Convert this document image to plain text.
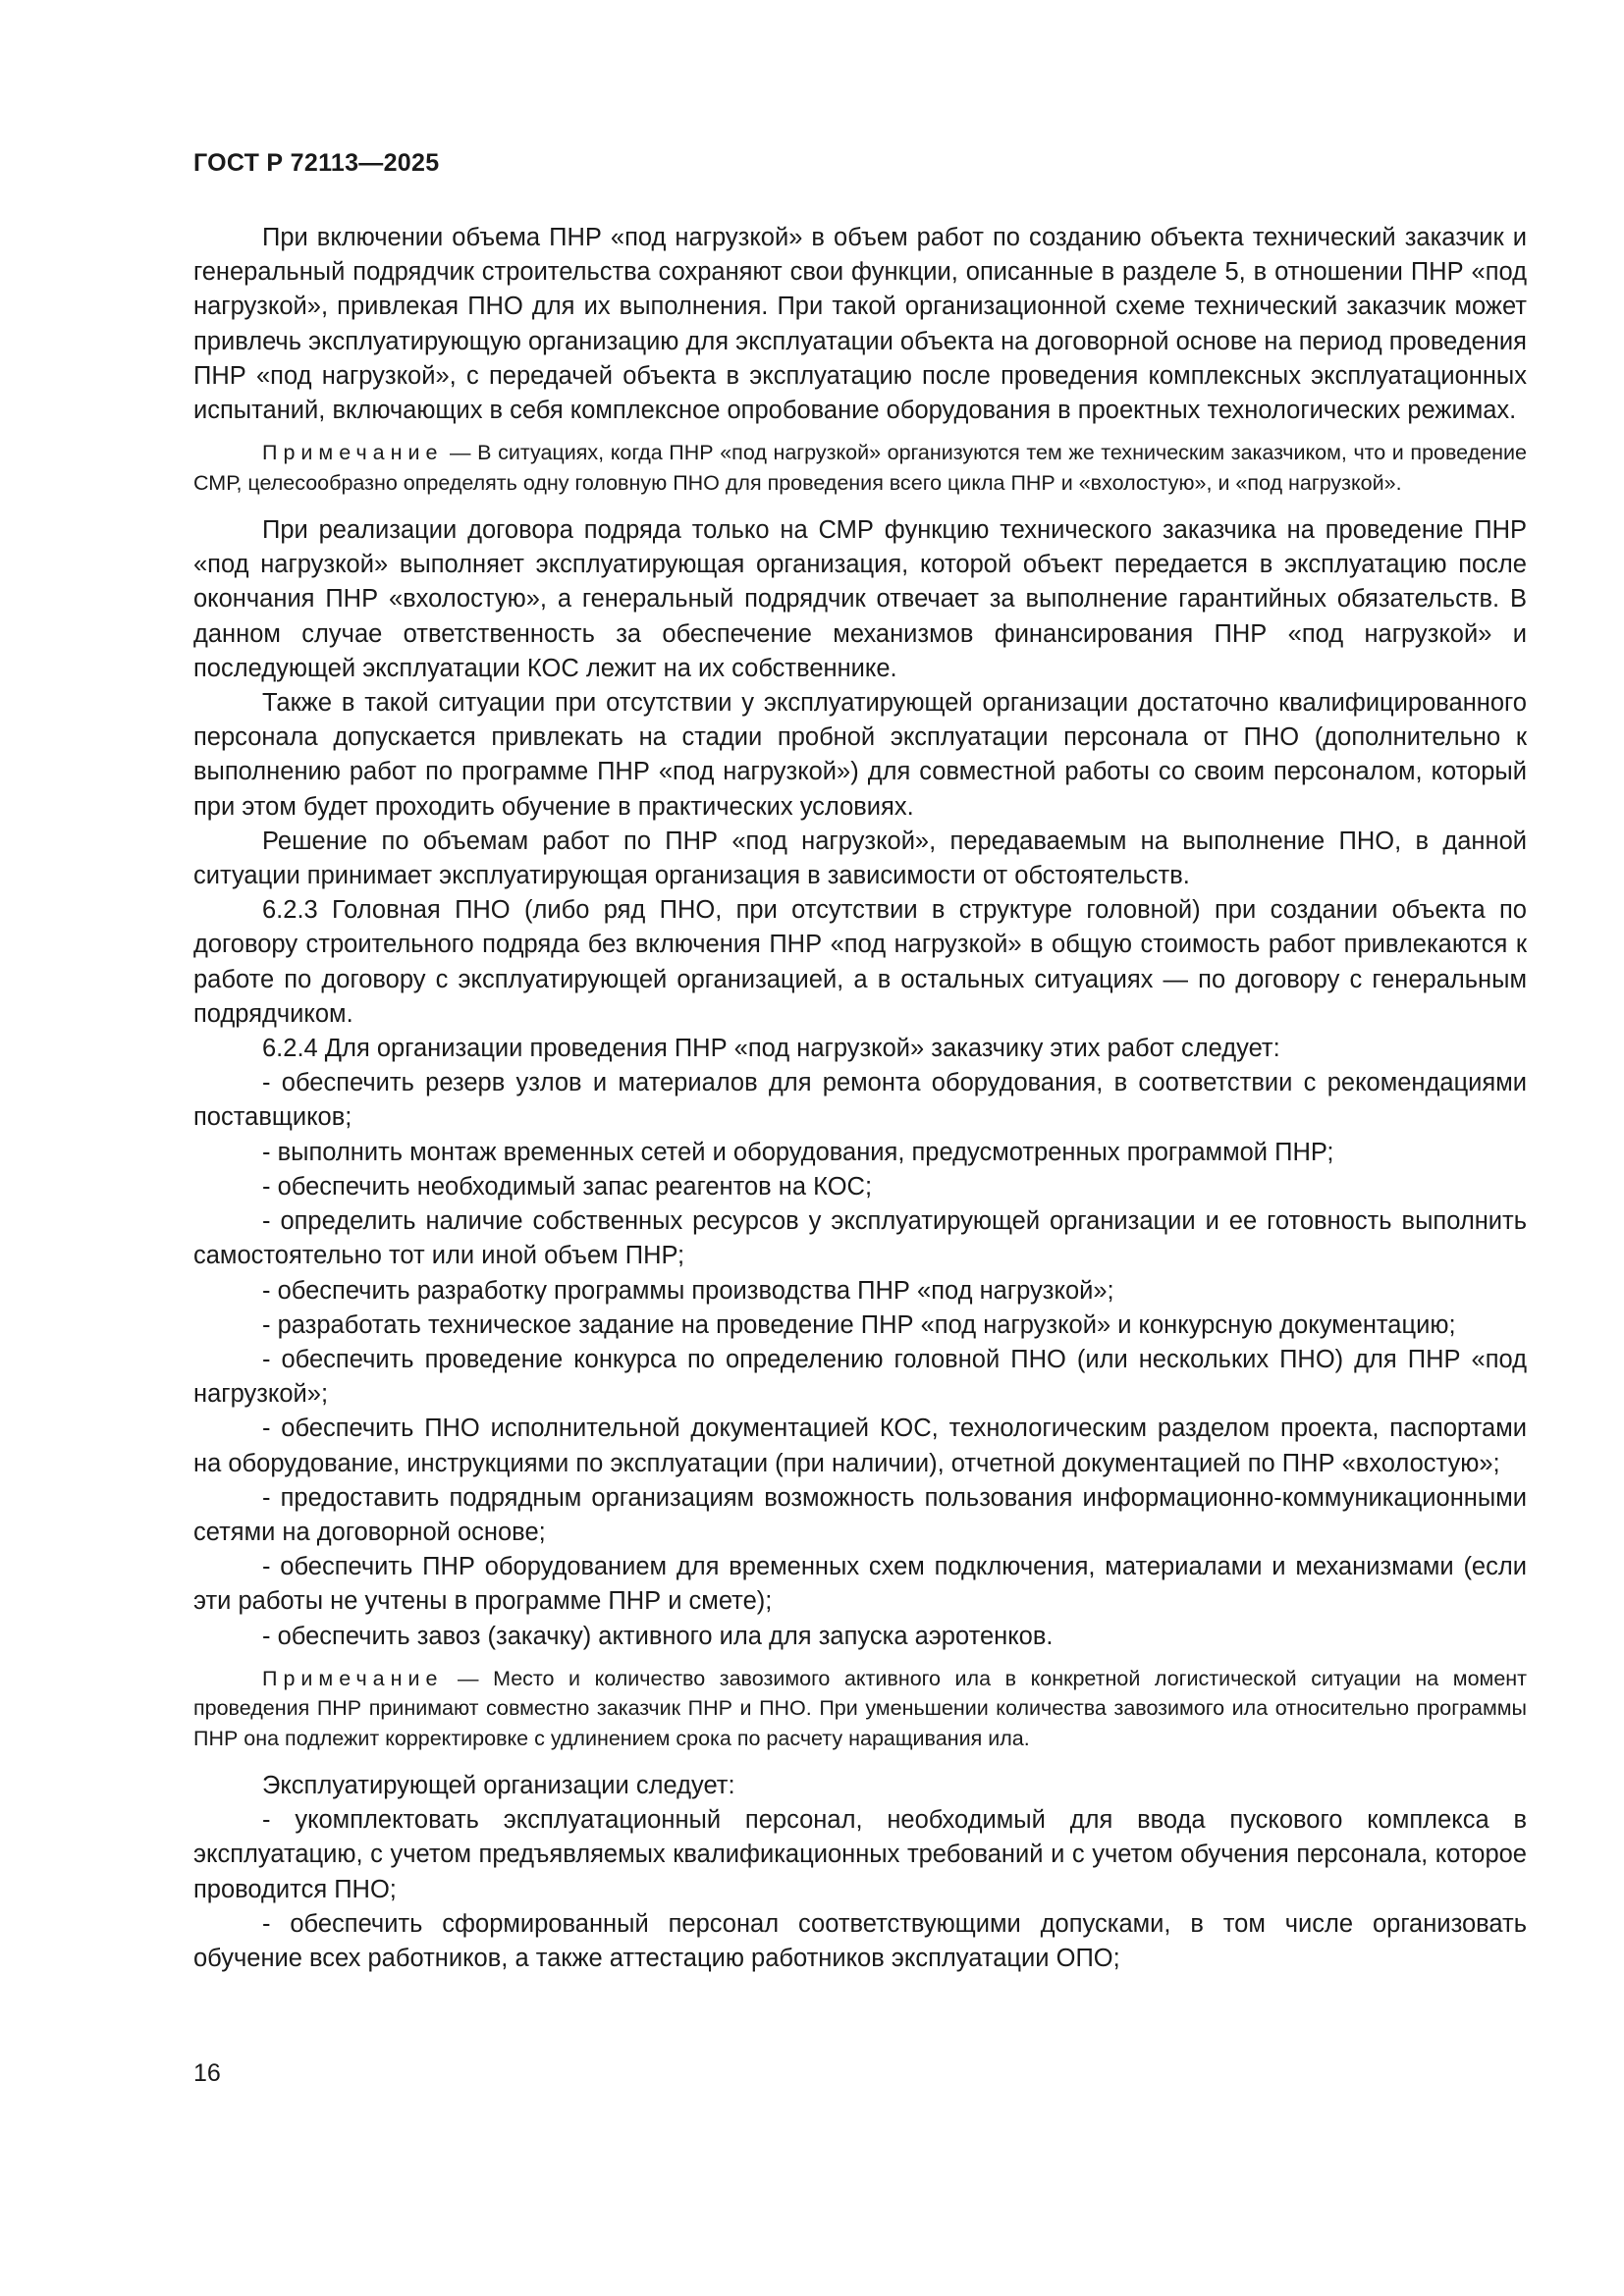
ГОСТ Р 72113—2025

При включении объема ПНР «под нагрузкой» в объем работ по созданию объекта технический заказчик и генеральный подрядчик строительства сохраняют свои функции, описанные в разделе 5, в отношении ПНР «под нагрузкой», привлекая ПНО для их выполнения. При такой организационной схеме технический заказчик может привлечь эксплуатирующую организацию для эксплуатации объекта на договорной основе на период проведения ПНР «под нагрузкой», с передачей объекта в эксплуатацию после проведения комплексных эксплуатационных испытаний, включающих в себя комплексное опробование оборудования в проектных технологических режимах.

Примечание — В ситуациях, когда ПНР «под нагрузкой» организуются тем же техническим заказчиком, что и проведение СМР, целесообразно определять одну головную ПНО для проведения всего цикла ПНР и «вхолостую», и «под нагрузкой».

При реализации договора подряда только на СМР функцию технического заказчика на проведение ПНР «под нагрузкой» выполняет эксплуатирующая организация, которой объект передается в эксплуатацию после окончания ПНР «вхолостую», а генеральный подрядчик отвечает за выполнение гарантийных обязательств. В данном случае ответственность за обеспечение механизмов финансирования ПНР «под нагрузкой» и последующей эксплуатации КОС лежит на их собственнике.

Также в такой ситуации при отсутствии у эксплуатирующей организации достаточно квалифицированного персонала допускается привлекать на стадии пробной эксплуатации персонала от ПНО (дополнительно к выполнению работ по программе ПНР «под нагрузкой») для совместной работы со своим персоналом, который при этом будет проходить обучение в практических условиях.

Решение по объемам работ по ПНР «под нагрузкой», передаваемым на выполнение ПНО, в данной ситуации принимает эксплуатирующая организация в зависимости от обстоятельств.

6.2.3 Головная ПНО (либо ряд ПНО, при отсутствии в структуре головной) при создании объекта по договору строительного подряда без включения ПНР «под нагрузкой» в общую стоимость работ привлекаются к работе по договору с эксплуатирующей организацией, а в остальных ситуациях — по договору с генеральным подрядчиком.

6.2.4 Для организации проведения ПНР «под нагрузкой» заказчику этих работ следует:

- обеспечить резерв узлов и материалов для ремонта оборудования, в соответствии с рекомендациями поставщиков;

- выполнить монтаж временных сетей и оборудования, предусмотренных программой ПНР;

- обеспечить необходимый запас реагентов на КОС;

- определить наличие собственных ресурсов у эксплуатирующей организации и ее готовность выполнить самостоятельно тот или иной объем ПНР;

- обеспечить разработку программы производства ПНР «под нагрузкой»;

- разработать техническое задание на проведение ПНР «под нагрузкой» и конкурсную документацию;

- обеспечить проведение конкурса по определению головной ПНО (или нескольких ПНО) для ПНР «под нагрузкой»;

- обеспечить ПНО исполнительной документацией КОС, технологическим разделом проекта, паспортами на оборудование, инструкциями по эксплуатации (при наличии), отчетной документацией по ПНР «вхолостую»;

- предоставить подрядным организациям возможность пользования информационно-коммуникационными сетями на договорной основе;

- обеспечить ПНР оборудованием для временных схем подключения, материалами и механизмами (если эти работы не учтены в программе ПНР и смете);

- обеспечить завоз (закачку) активного ила для запуска аэротенков.

Примечание — Место и количество завозимого активного ила в конкретной логистической ситуации на момент проведения ПНР принимают совместно заказчик ПНР и ПНО. При уменьшении количества завозимого ила относительно программы ПНР она подлежит корректировке с удлинением срока по расчету наращивания ила.

Эксплуатирующей организации следует:

- укомплектовать эксплуатационный персонал, необходимый для ввода пускового комплекса в эксплуатацию, с учетом предъявляемых квалификационных требований и с учетом обучения персонала, которое проводится ПНО;

- обеспечить сформированный персонал соответствующими допусками, в том числе организовать обучение всех работников, а также аттестацию работников эксплуатации ОПО;

16
